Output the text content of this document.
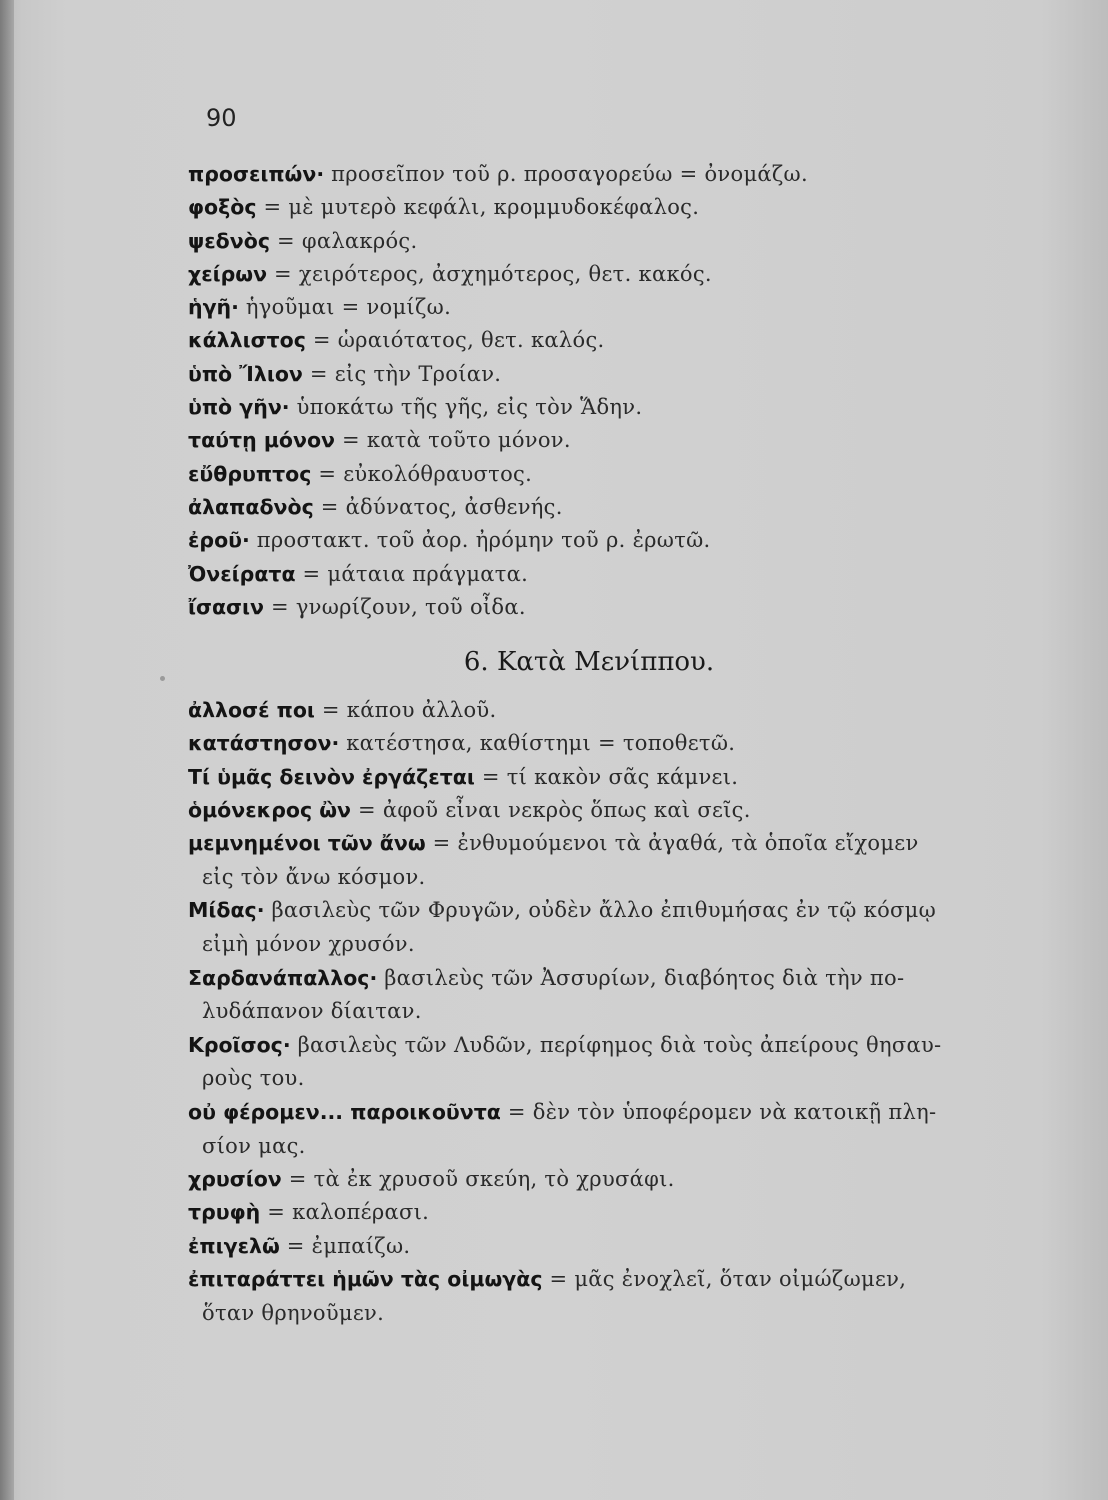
90
προσειπών· προσεῖπον τοῦ ρ. προσαγορεύω = ὀνομάζω.
φοξὸς = μὲ μυτερὸ κεφάλι, κρομμυδοκέφαλος.
ψεδνὸς = φαλακρός.
χείρων = χειρότερος, ἀσχημότερος, θετ. κακός.
ἡγῆ· ἡγοῦμαι = νομίζω.
κάλλιστος = ὡραιότατος, θετ. καλός.
ὑπὸ Ἴλιον = εἰς τὴν Τροίαν.
ὑπὸ γῆν· ὑποκάτω τῆς γῆς, εἰς τὸν Ἅδην.
ταύτῃ μόνον = κατὰ τοῦτο μόνον.
εὔθρυπτος = εὐκολόθραυστος.
ἀλαπαδνὸς = ἀδύνατος, ἀσθενής.
ἐροῦ· προστακτ. τοῦ ἀορ. ἠρόμην τοῦ ρ. ἐρωτῶ.
Ὀνείρατα = μάταια πράγματα.
ἴσασιν = γνωρίζουν, τοῦ οἶδα.
6. Κατὰ Μενίππου.
ἀλλοσέ ποι = κάπου ἀλλοῦ.
κατάστησον· κατέστησα, καθίστημι = τοποθετῶ.
Τί ὑμᾶς δεινὸν ἐργάζεται = τί κακὸν σᾶς κάμνει.
ὁμόνεκρος ὢν = ἀφοῦ εἶναι νεκρὸς ὅπως καὶ σεῖς.
μεμνημένοι τῶν ἄνω = ἐνθυμούμενοι τὰ ἀγαθά, τὰ ὁποῖα εἴχομεν
εἰς τὸν ἄνω κόσμον.
Μίδας· βασιλεὺς τῶν Φρυγῶν, οὐδὲν ἄλλο ἐπιθυμήσας ἐν τῷ κόσμῳ
εἰμὴ μόνον χρυσόν.
Σαρδανάπαλλος· βασιλεὺς τῶν Ἀσσυρίων, διαβόητος διὰ τὴν πο-
λυδάπανον δίαιταν.
Κροῖσος· βασιλεὺς τῶν Λυδῶν, περίφημος διὰ τοὺς ἀπείρους θησαυ-
ροὺς του.
οὐ φέρομεν... παροικοῦντα = δὲν τὸν ὑποφέρομεν νὰ κατοικῇ πλη-
σίον μας.
χρυσίον = τὰ ἐκ χρυσοῦ σκεύη, τὸ χρυσάφι.
τρυφὴ = καλοπέρασι.
ἐπιγελῶ = ἐμπαίζω.
ἐπιταράττει ἡμῶν τὰς οἰμωγὰς = μᾶς ἐνοχλεῖ, ὅταν οἰμώζωμεν,
ὅταν θρηνοῦμεν.
